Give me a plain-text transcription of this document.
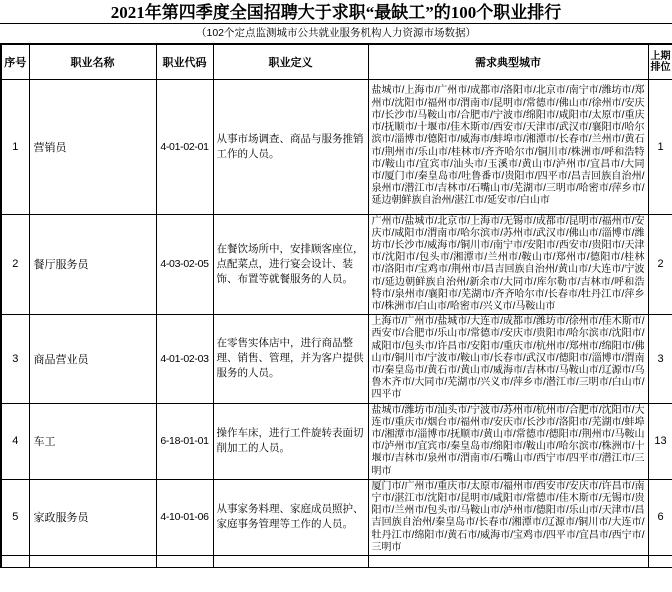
2021年第四季度全国招聘大于求职“最缺工”的100个职业排行
（102个定点监测城市公共就业服务机构人力资源市场数据）
序号	职业名称	职业代码	职业定义	需求典型城市	上期排位
1	营销员	4-01-02-01	从事市场调查、商品与服务推销工作的人员。	盐城市/上海市/广州市/成都市/洛阳市/北京市/南宁市/潍坊市/郑州市/沈阳市/福州市/渭南市/昆明市/常德市/佛山市/徐州市/安庆市/长沙市/马鞍山市/合肥市/宁波市/绵阳市/咸阳市/太原市/重庆市/抚顺市/十堰市/佳木斯市/西安市/天津市/武汉市/襄阳市/哈尔滨市/淄博市/德阳市/威海市/蚌埠市/湘潭市/长春市/兰州市/黄石市/荆州市/乐山市/桂林市/齐齐哈尔市/铜川市/株洲市/呼和浩特市/鞍山市/宜宾市/汕头市/玉溪市/黄山市/泸州市/宜昌市/大同市/厦门市/秦皇岛市/吐鲁番市/贵阳市/四平市/昌吉回族自治州/泉州市/潜江市/吉林市/石嘴山市/芜湖市/三明市/哈密市/萍乡市/延边朝鲜族自治州/湛江市/延安市/白山市	1
2	餐厅服务员	4-03-02-05	在餐饮场所中，安排顾客座位，点配菜点，进行宴会设计、装饰、布置等就餐服务的人员。	广州市/盐城市/北京市/上海市/无锡市/成都市/昆明市/福州市/安庆市/咸阳市/渭南市/哈尔滨市/苏州市/武汉市/佛山市/淄博市/潍坊市/长沙市/威海市/铜川市/南宁市/安阳市/西安市/贵阳市/天津市/沈阳市/包头市/湘潭市/兰州市/鞍山市/郑州市/德阳市/桂林市/洛阳市/宝鸡市/荆州市/昌吉回族自治州/黄山市/大连市/宁波市/延边朝鲜族自治州/新余市/大同市/库尔勒市/吉林市/呼和浩特市/泉州市/襄阳市/芜湖市/齐齐哈尔市/长春市/牡丹江市/萍乡市/株洲市/白山市/哈密市/兴义市/马鞍山市	2
3	商品营业员	4-01-02-03	在零售实体店中，进行商品整理、销售、管理，并为客户提供服务的人员。	上海市/广州市/盐城市/大连市/成都市/潍坊市/徐州市/佳木斯市/西安市/合肥市/乐山市/常德市/安庆市/贵阳市/哈尔滨市/沈阳市/咸阳市/包头市/许昌市/安阳市/重庆市/杭州市/郑州市/绵阳市/佛山市/铜川市/宁波市/鞍山市/长春市/武汉市/德阳市/淄博市/渭南市/秦皇岛市/黄石市/黄山市/威海市/吉林市/马鞍山市/辽源市/乌鲁木齐市/大同市/芜湖市/兴义市/萍乡市/潜江市/三明市/白山市/四平市	3
4	车工	6-18-01-01	操作车床，进行工件旋转表面切削加工的人员。	盐城市/潍坊市/汕头市/宁波市/苏州市/杭州市/合肥市/沈阳市/大连市/重庆市/烟台市/福州市/安庆市/长沙市/洛阳市/芜湖市/蚌埠市/湘潭市/淄博市/抚顺市/黄山市/常德市/德阳市/荆州市/马鞍山市/泸州市/宜宾市/秦皇岛市/绵阳市/鞍山市/哈尔滨市/株洲市/十堰市/吉林市/泉州市/渭南市/石嘴山市/西宁市/四平市/潜江市/三明市	13
5	家政服务员	4-10-01-06	从事家务料理、家庭成员照护、家庭事务管理等工作的人员。	厦门市/广州市/重庆市/太原市/福州市/西安市/安庆市/许昌市/南宁市/湛江市/沈阳市/昆明市/咸阳市/常德市/佳木斯市/无锡市/贵阳市/兰州市/包头市/马鞍山市/泸州市/德阳市/乐山市/天津市/昌吉回族自治州/秦皇岛市/长春市/湘潭市/辽源市/铜川市/大连市/牡丹江市/绵阳市/黄石市/威海市/宝鸡市/四平市/宜昌市/西宁市/三明市	6
